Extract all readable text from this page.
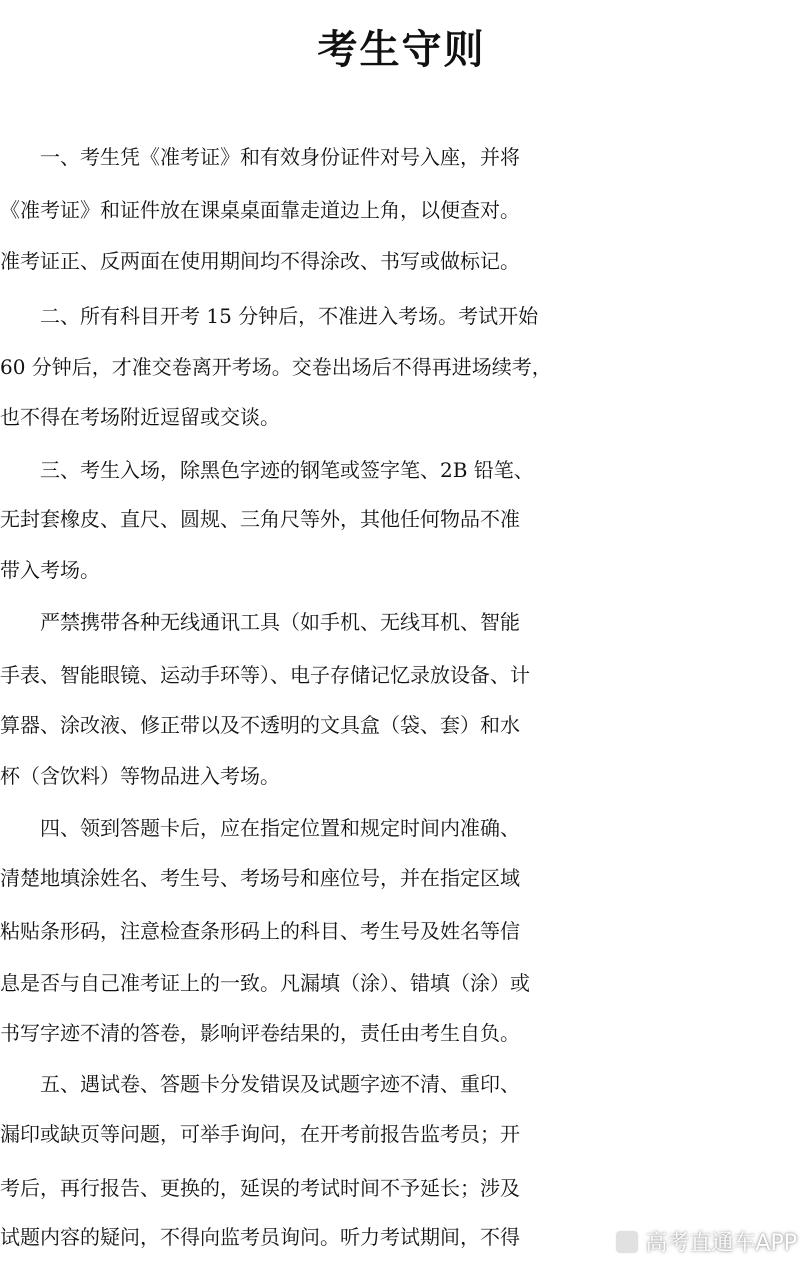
考生守则

　　一、考生凭《准考证》和有效身份证件对号入座，并将

《准考证》和证件放在课桌桌面靠走道边上角，以便查对。

准考证正、反两面在使用期间均不得涂改、书写或做标记。

　　二、所有科目开考 15 分钟后，不准进入考场。考试开始

60 分钟后，才准交卷离开考场。交卷出场后不得再进场续考，

也不得在考场附近逗留或交谈。

　　三、考生入场，除黑色字迹的钢笔或签字笔、2B 铅笔、

无封套橡皮、直尺、圆规、三角尺等外，其他任何物品不准

带入考场。

　　严禁携带各种无线通讯工具（如手机、无线耳机、智能

手表、智能眼镜、运动手环等）、电子存储记忆录放设备、计

算器、涂改液、修正带以及不透明的文具盒（袋、套）和水

杯（含饮料）等物品进入考场。

　　四、领到答题卡后，应在指定位置和规定时间内准确、

清楚地填涂姓名、考生号、考场号和座位号，并在指定区域

粘贴条形码，注意检查条形码上的科目、考生号及姓名等信

息是否与自己准考证上的一致。凡漏填（涂）、错填（涂）或

书写字迹不清的答卷，影响评卷结果的，责任由考生自负。

　　五、遇试卷、答题卡分发错误及试题字迹不清、重印、

漏印或缺页等问题，可举手询问，在开考前报告监考员；开

考后，再行报告、更换的，延误的考试时间不予延长；涉及

试题内容的疑问，不得向监考员询问。听力考试期间，不得	高考直通车APP
